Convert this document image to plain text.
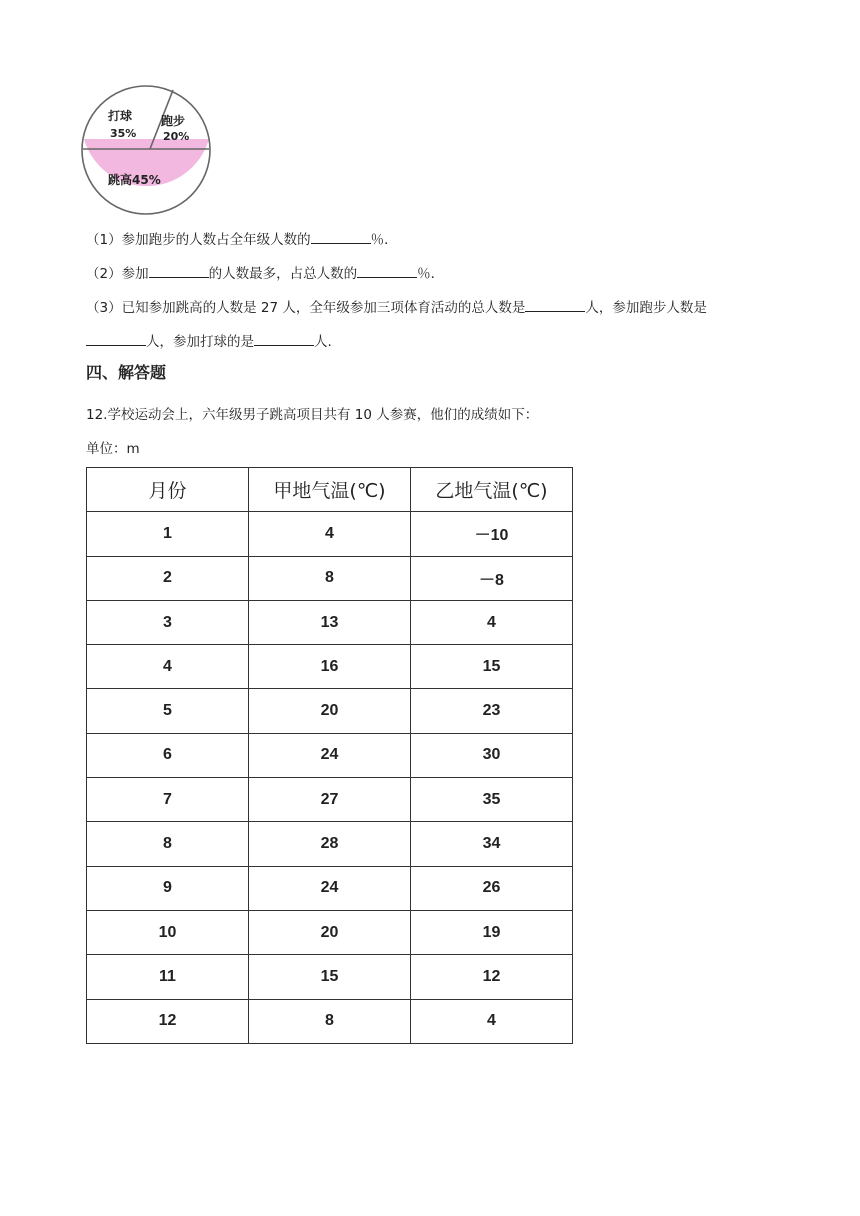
打球
35%
跑步
20%
跳高45%
（1）参加跑步的人数占全年级人数的	％．
（2）参加	的人数最多，占总人数的	％．
（3）已知参加跳高的人数是 27 人，全年级参加三项体育活动的总人数是	人，参加跑步人数是
人，参加打球的是	人.
四、解答题
12.学校运动会上，六年级男子跳高项目共有 10 人参赛，他们的成绩如下：
单位：m
月份	甲地气温(℃)	乙地气温(℃)
1	4	－10
2	8	－8
3	13	4
4	16	15
5	20	23
6	24	30
7	27	35
8	28	34
9	24	26
10	20	19
11	15	12
12	8	4
